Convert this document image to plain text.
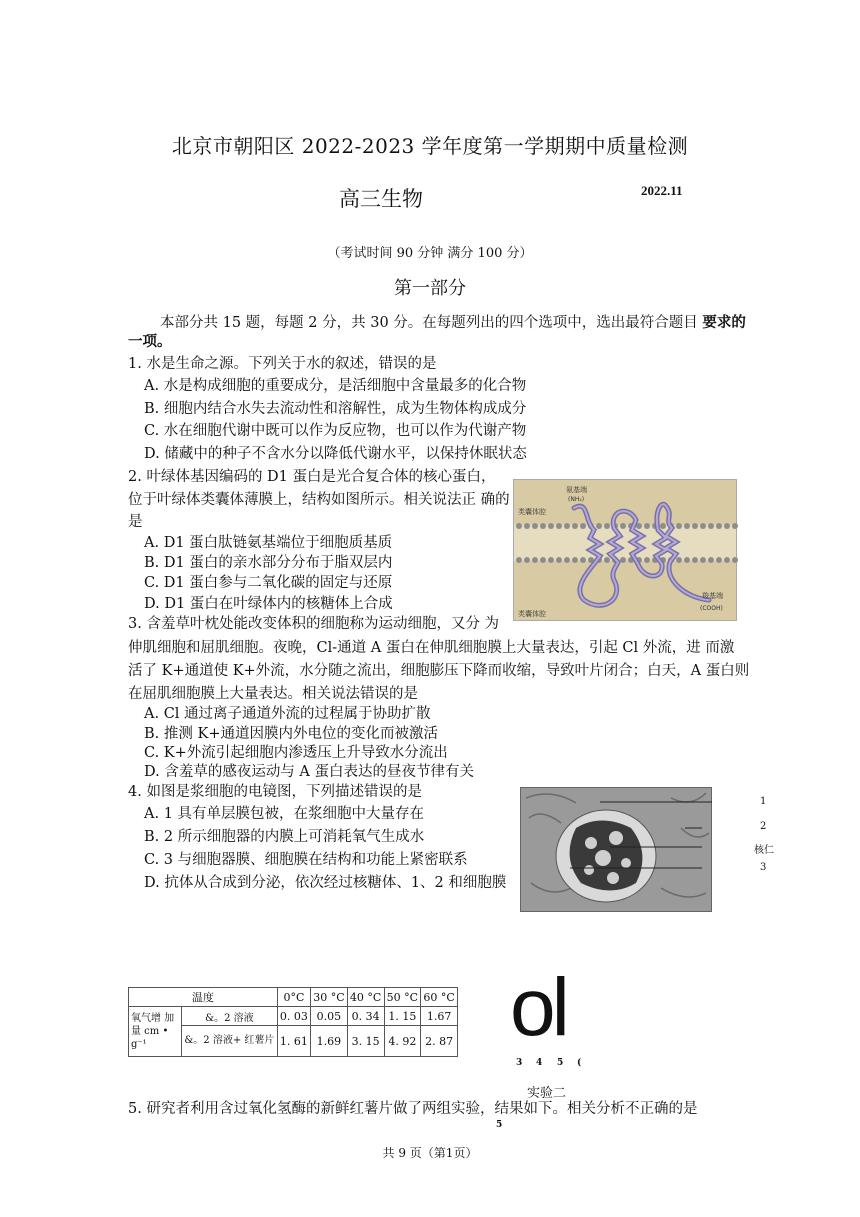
北京市朝阳区 2022-2023 学年度第一学期期中质量检测
高三生物	2022.11
（考试时间 90 分钟 满分 100 分）
第一部分
本部分共 15 题，每题 2 分，共 30 分。在每题列出的四个选项中，选出最符合题目 要求的
一项。
1. 水是生命之源。下列关于水的叙述，错误的是
A. 水是构成细胞的重要成分，是活细胞中含量最多的化合物
B. 细胞内结合水失去流动性和溶解性，成为生物体构成成分
C. 水在细胞代谢中既可以作为反应物，也可以作为代谢产物
D. 储藏中的种子不含水分以降低代谢水平，以保持休眠状态
2. 叶绿体基因编码的 D1 蛋白是光合复合体的核心蛋白，
位于叶绿体类囊体薄膜上，结构如图所示。相关说法正 确的
是
A. D1 蛋白肽链氨基端位于细胞质基质
B. D1 蛋白的亲水部分分布于脂双层内
C. D1 蛋白参与二氧化碳的固定与还原
D. D1 蛋白在叶绿体内的核糖体上合成
类囊体腔
氨基端
(NH₂)
类囊体腔
羧基端
(COOH)
3. 含羞草叶枕处能改变体积的细胞称为运动细胞，又分 为
伸肌细胞和屈肌细胞。夜晚，Cl-通道 A 蛋白在伸肌细胞膜上大量表达，引起 Cl 外流，进 而激
活了 K+通道使 K+外流，水分随之流出，细胞膨压下降而收缩，导致叶片闭合；白天，A 蛋白则
在屈肌细胞膜上大量表达。相关说法错误的是
A. Cl 通过离子通道外流的过程属于协助扩散
B. 推测 K+通道因膜内外电位的变化而被激活
C. K+外流引起细胞内渗透压上升导致水分流出
D. 含羞草的感夜运动与 A 蛋白表达的昼夜节律有关
4. 如图是浆细胞的电镜图，下列描述错误的是
A. 1 具有单层膜包被，在浆细胞中大量存在
B. 2 所示细胞器的内膜上可消耗氧气生成水
C. 3 与细胞器膜、细胞膜在结构和功能上紧密联系
D. 抗体从合成到分泌，依次经过核糖体、1、2 和细胞膜
1
2
核仁
3
温度		0°C	30 °C	40 °C	50 °C	60 °C
氧气增 加量 cm • g⁻¹	&。2 溶液	0. 03	0.05	0. 34	1. 15	1.67
	&。2 溶液+ 红薯片	1. 61	1.69	3. 15	4. 92	2. 87 ol
3 4 5 (
实验二
5. 研究者利用含过氧化氢酶的新鲜红薯片做了两组实验，结果如下。相关分析不正确的是
5
共 9 页（第1页）
